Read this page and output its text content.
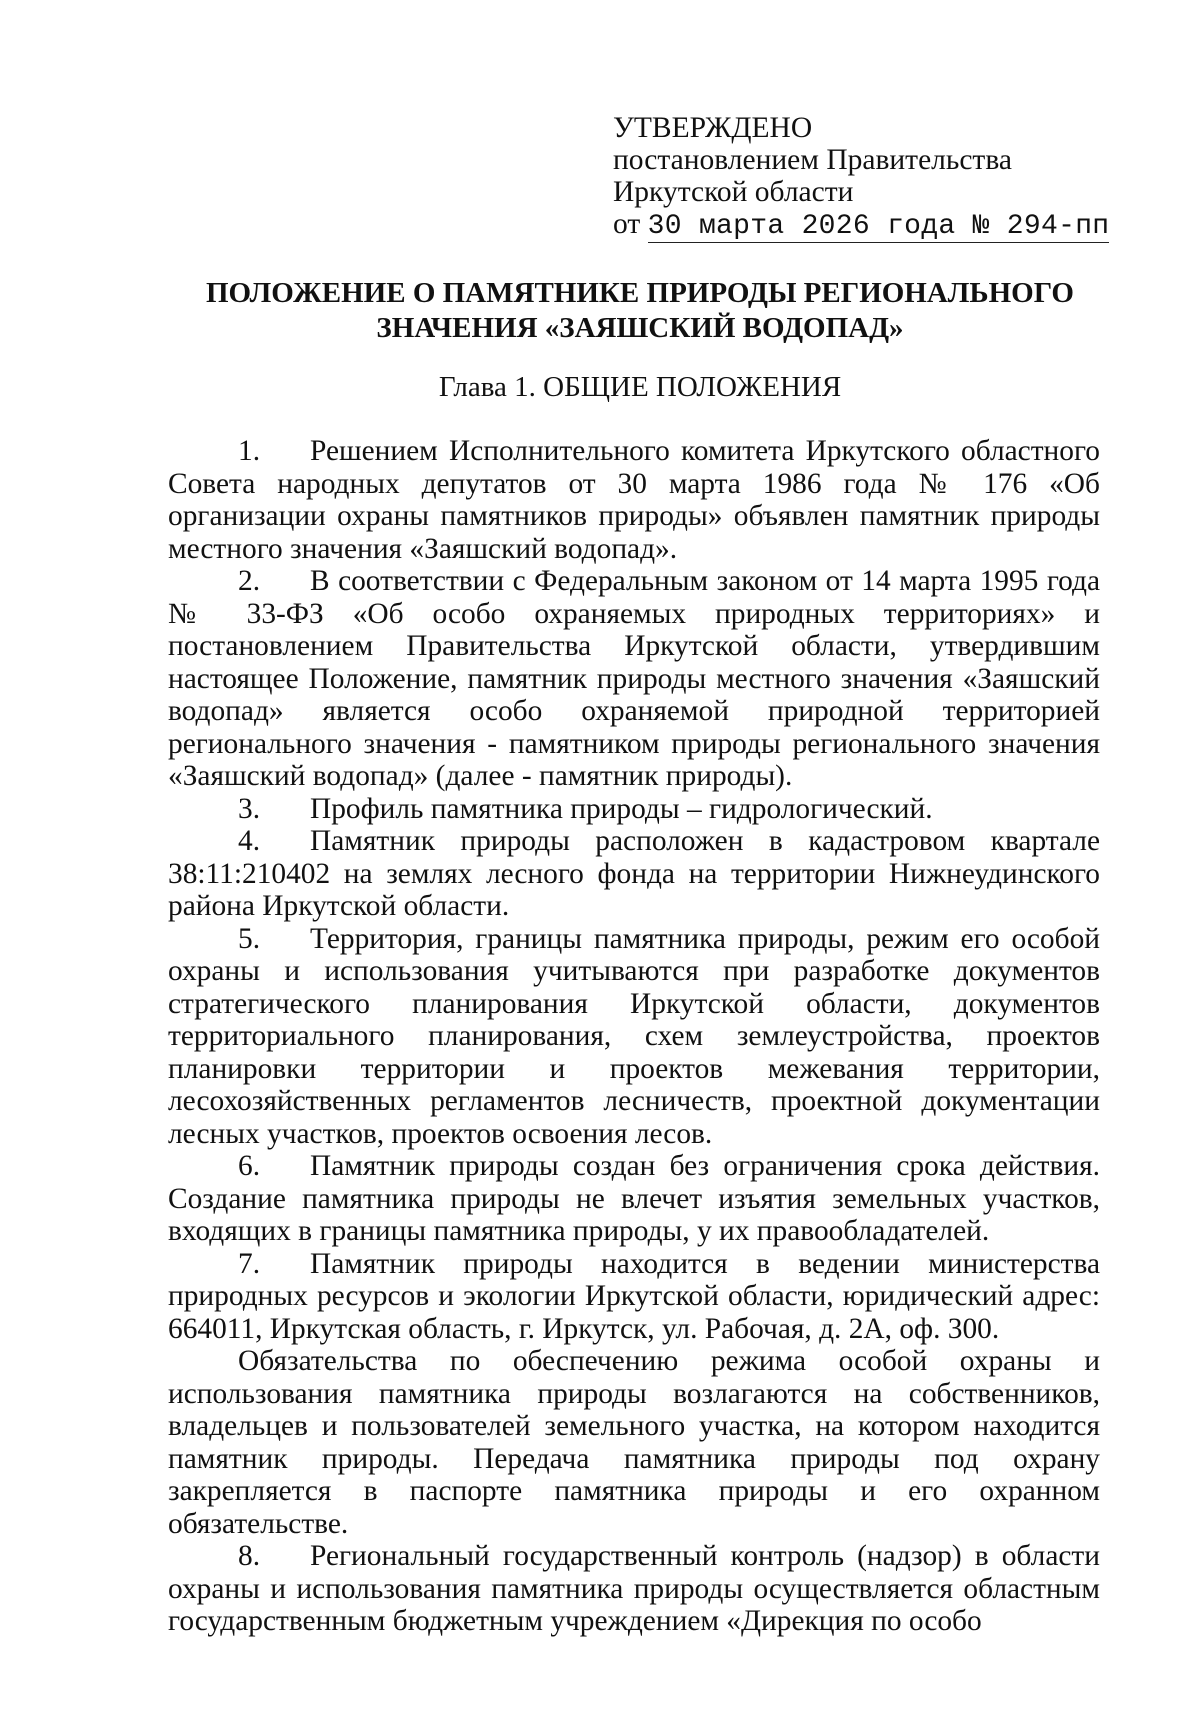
УТВЕРЖДЕНО
постановлением Правительства
Иркутской области
от 30 марта 2026 года № 294-пп
ПОЛОЖЕНИЕ О ПАМЯТНИКЕ ПРИРОДЫ РЕГИОНАЛЬНОГО
ЗНАЧЕНИЯ «ЗАЯШСКИЙ ВОДОПАД»
Глава 1. ОБЩИЕ ПОЛОЖЕНИЯ

1. Решением Исполнительного комитета Иркутского областного Совета народных депутатов от 30 марта 1986 года № 176 «Об организации охраны памятников природы» объявлен памятник природы местного значения «Заяшский водопад».

2. В соответствии с Федеральным законом от 14 марта 1995 года № 33-ФЗ «Об особо охраняемых природных территориях» и постановлением Правительства Иркутской области, утвердившим настоящее Положение, памятник природы местного значения «Заяшский водопад» является особо охраняемой природной территорией регионального значения - памятником природы регионального значения «Заяшский водопад» (далее - памятник природы).

3. Профиль памятника природы – гидрологический.

4. Памятник природы расположен в кадастровом квартале 38:11:210402 на землях лесного фонда на территории Нижнеудинского района Иркутской области.

5. Территория, границы памятника природы, режим его особой охраны и использования учитываются при разработке документов стратегического планирования Иркутской области, документов территориального планирования, схем землеустройства, проектов планировки территории и проектов межевания территории, лесохозяйственных регламентов лесничеств, проектной документации лесных участков, проектов освоения лесов.

6. Памятник природы создан без ограничения срока действия. Создание памятника природы не влечет изъятия земельных участков, входящих в границы памятника природы, у их правообладателей.

7. Памятник природы находится в ведении министерства природных ресурсов и экологии Иркутской области, юридический адрес: 664011, Иркутская область, г. Иркутск, ул. Рабочая, д. 2А, оф. 300.

Обязательства по обеспечению режима особой охраны и использования памятника природы возлагаются на собственников, владельцев и пользователей земельного участка, на котором находится памятник природы. Передача памятника природы под охрану закрепляется в паспорте памятника природы и его охранном обязательстве.

8. Региональный государственный контроль (надзор) в области охраны и использования памятника природы осуществляется областным государственным бюджетным учреждением «Дирекция по особо
